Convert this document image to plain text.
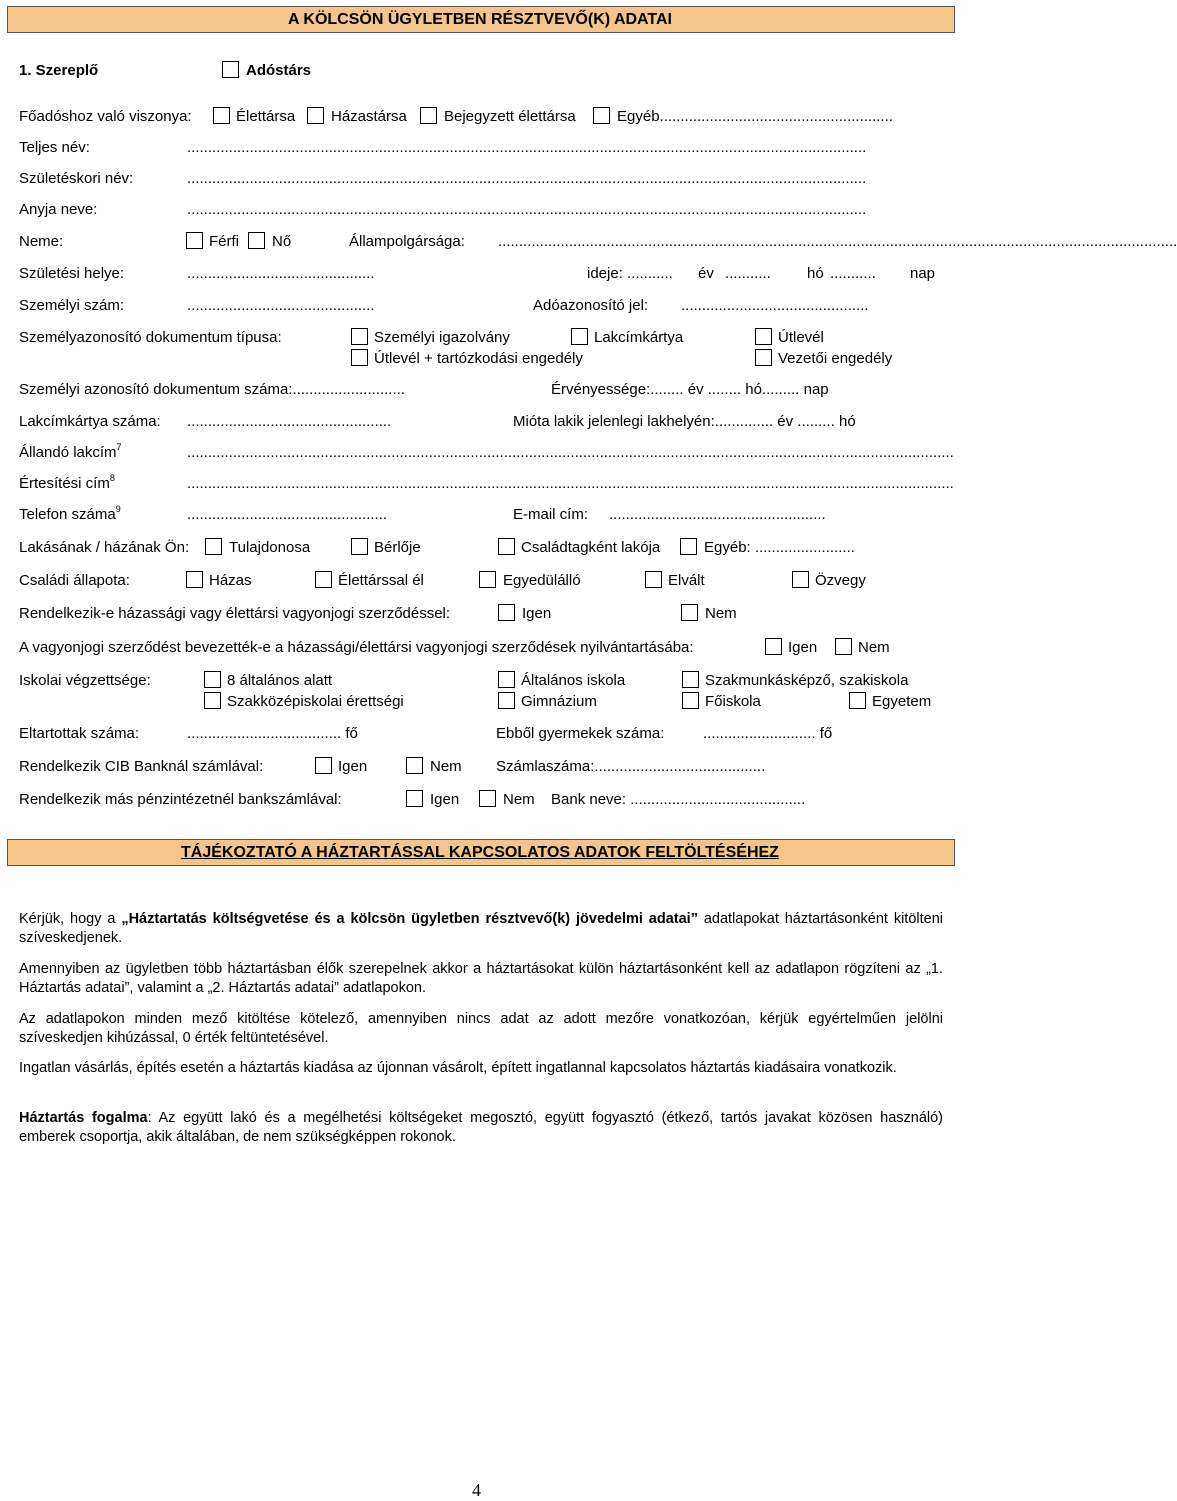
A KÖLCSÖN ÜGYLETBEN RÉSZTVEVŐ(K) ADATAI
1. Szereplő	Adóstárs
Főadóshoz való viszonya:	Élettársa Házastársa Bejegyzett élettársa	Egyéb........................................................
Teljes név:	...................................................................................................................................................................
Születéskori név:	...................................................................................................................................................................
Anyja neve:	...................................................................................................................................................................
Neme:	Férfi Nő	Állampolgársága: ...................................................................................................................................................................
Születési helye:	.............................................	ideje: ...........	év ...........	hó ...........	nap
Személyi szám:	.............................................	Adóazonosító jel: .............................................
Személyazonosító dokumentum típusa:	Személyi igazolvány	Lakcímkártya	Útlevél
Útlevél + tartózkodási engedély	Vezetői engedély
Személyi azonosító dokumentum száma:...........................	Érvényessége:........ év ........ hó......... nap
Lakcímkártya száma: .................................................	Mióta lakik jelenlegi lakhelyén:.............. év ......... hó
Állandó lakcím$^7$	........................................................................................................................................................................................
Értesítési cím$^8$	........................................................................................................................................................................................
Telefon száma$^9$	................................................	E-mail cím: ....................................................
Lakásának / házának Ön:	Tulajdonosa	Bérlője	Családtagként lakója	Egyéb: ........................
Családi állapota:	Házas	Élettárssal él	Egyedülálló	Elvált	Özvegy
Rendelkezik-e házassági vagy élettársi vagyonjogi szerződéssel:	Igen	Nem
A vagyonjogi szerződést bevezették-e a házassági/élettársi vagyonjogi szerződések nyilvántartásába:	Igen	Nem
Iskolai végzettsége:	8 általános alatt	Általános iskola	Szakmunkásképző, szakiskola
Szakközépiskolai érettségi	Gimnázium	Főiskola	Egyetem
Eltartottak száma:	..................................... fő	Ebből gyermekek száma:	........................... fő
Rendelkezik CIB Banknál számlával:	Igen	Nem Számlaszáma:.........................................
Rendelkezik más pénzintézetnél bankszámlával:	Igen	Nem Bank neve: ..........................................
TÁJÉKOZTATÓ A HÁZTARTÁSSAL KAPCSOLATOS ADATOK FELTÖLTÉSÉHEZ
Kérjük, hogy a „Háztartatás költségvetése és a kölcsön ügyletben résztvevő(k) jövedelmi adatai” adatlapokat háztartásonként kitölteni szíveskedjenek.
Amennyiben az ügyletben több háztartásban élők szerepelnek akkor a háztartásokat külön háztartásonként kell az adatlapon rögzíteni az „1. Háztartás adatai”, valamint a „2. Háztartás adatai” adatlapokon.
Az adatlapokon minden mező kitöltése kötelező, amennyiben nincs adat az adott mezőre vonatkozóan, kérjük egyértelműen jelölni szíveskedjen kihúzással, 0 érték feltüntetésével.
Ingatlan vásárlás, építés esetén a háztartás kiadása az újonnan vásárolt, épített ingatlannal kapcsolatos háztartás kiadásaira vonatkozik.
Háztartás fogalma: Az együtt lakó és a megélhetési költségeket megosztó, együtt fogyasztó (étkező, tartós javakat közösen használó) emberek csoportja, akik általában, de nem szükségképpen rokonok.
4
